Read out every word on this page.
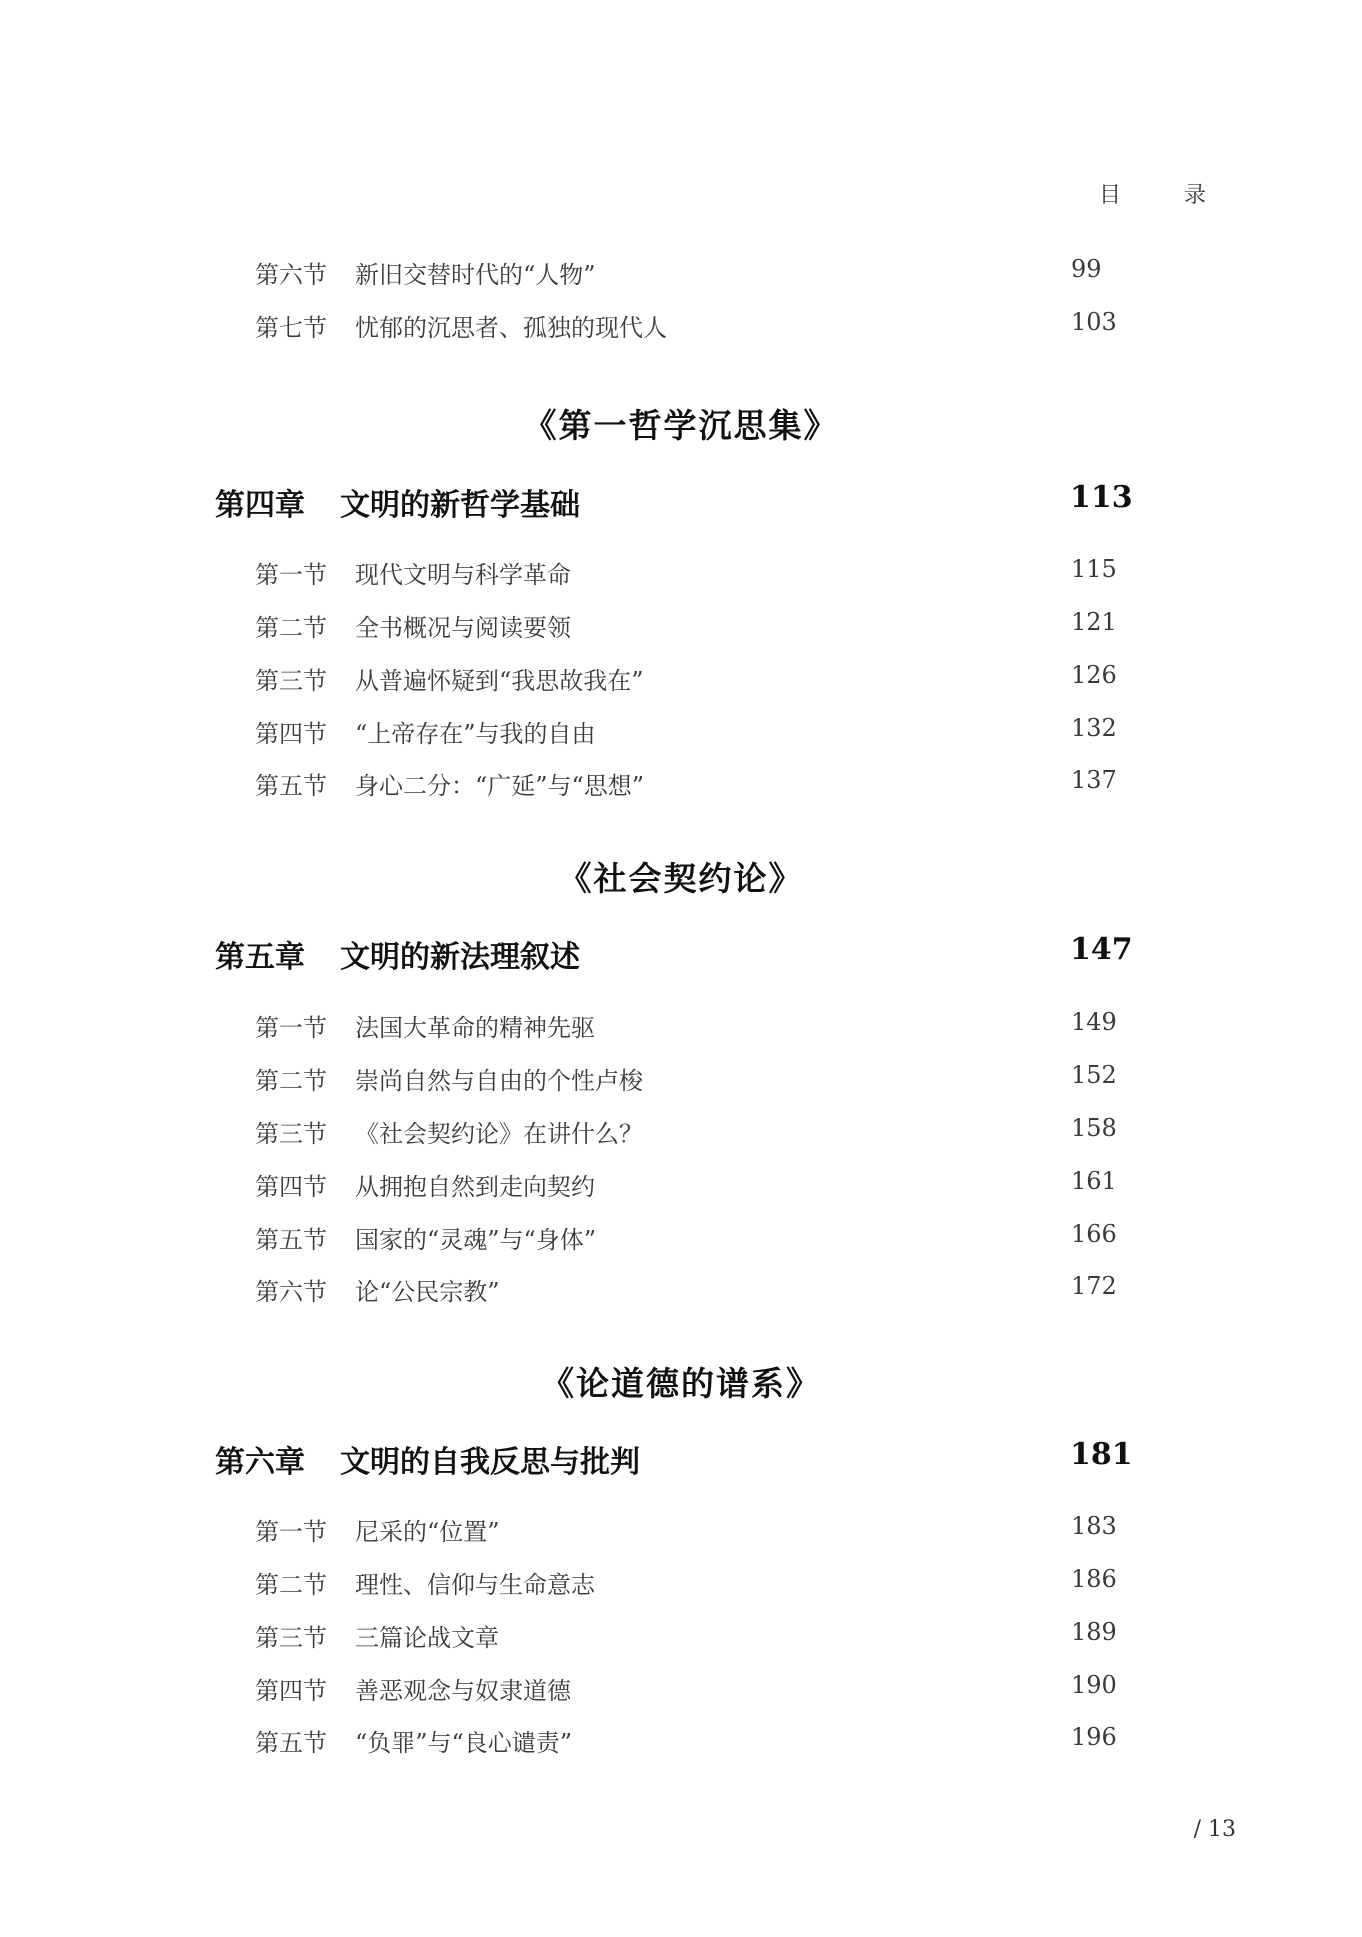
目 录
第六节 新旧交替时代的“人物”	99
第七节 忧郁的沉思者、孤独的现代人	103
《第一哲学沉思集》
第四章 文明的新哲学基础	113
第一节 现代文明与科学革命	115
第二节 全书概况与阅读要领	121
第三节 从普遍怀疑到“我思故我在”	126
第四节 “上帝存在”与我的自由	132
第五节 身心二分：“广延”与“思想”	137
《社会契约论》
第五章 文明的新法理叙述	147
第一节 法国大革命的精神先驱	149
第二节 崇尚自然与自由的个性卢梭	152
第三节 《社会契约论》在讲什么？	158
第四节 从拥抱自然到走向契约	161
第五节 国家的“灵魂”与“身体”	166
第六节 论“公民宗教”	172
《论道德的谱系》
第六章 文明的自我反思与批判	181
第一节 尼采的“位置”	183
第二节 理性、信仰与生命意志	186
第三节 三篇论战文章	189
第四节 善恶观念与奴隶道德	190
第五节 “负罪”与“良心谴责”	196
/ 13
